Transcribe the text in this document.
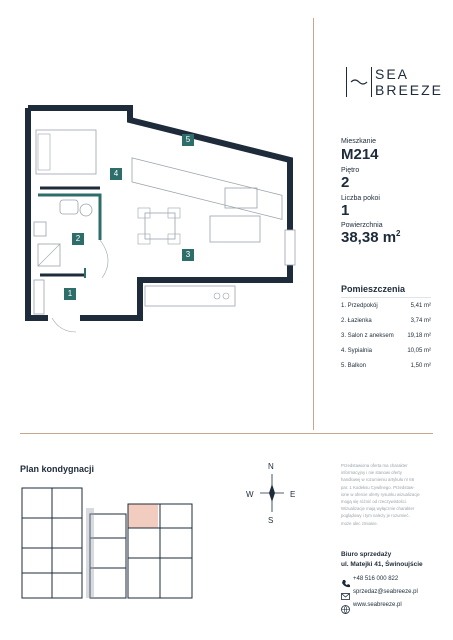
SEA
BREEZE
Mieszkanie
M214
Piętro
2
Liczba pokoi
1
Powierzchnia
38,38 $m^2$
Pomieszczenia
1. Przedpokój	5,41 m²
2. Łazienka	3,74 m²
3. Salon z aneksem 19,18 m²
4. Sypialnia	10,05 m²
5. Balkon	1,50 m²
5
4
2
3
1
Plan kondygnacji	N
S
W	E
Przedstawiona oferta ma charakter
informacyjny i nie stanowi oferty
handlowej w rozumieniu artykułu nr 66
par. 1 Kodeksu Cywilnego. Przedstaw-
ione w ofercie oferty rysunku wizualizacje
mogą się różnić od rzeczywistości.
Wizualizacje mają wyłącznie charakter
poglądowy i tym należy je rozumieć.
może ulec zmianie.
Biuro sprzedaży
ul. Matejki 41, Świnoujście
+48 516 000 822
sprzedaz@seabreeze.pl
www.seabreeze.pl
